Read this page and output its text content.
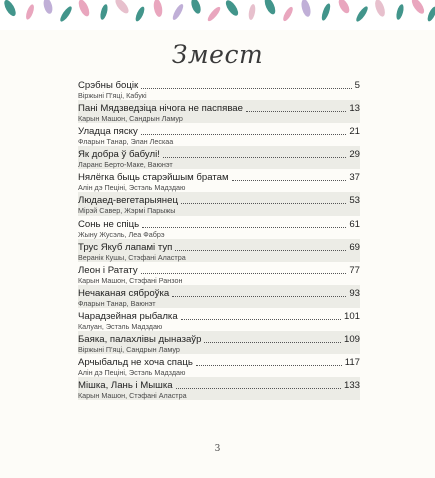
Змест
Срэбны боцік	5
Віржыні П'яці, Кабукі
Пані Мядзведзіца нічога не паспявае	13
Карын Машон, Сандрын Ламур
Уладца пяску	21
Фларын Танар, Элан Лескаа
Як добра ў бабулі!	29
Ларанс Берто-Маке, Ваюнэт
Нялёгка быць старэйшым братам	37
Алін дэ Пеціні, Эстэль Мадздаю
Людаед-вегетарыянец	53
Мірэй Савер, Жэрмі Парыжы
Сонь не спіць	61
Жыну Жусэль, Леа Фабрэ
Трус Якуб лапамі туп	69
Веранік Кушы, Стэфані Аластра
Леон і Ратату	77
Карын Машон, Стэфані Ранзон
Нечаканая сяброўка	93
Фларын Танар, Ваюнэт
Чарадзейная рыбалка	101
Калуан, Эстэль Мадздаю
Баяка, палахлівы дыназаўр	109
Віржыні П'яці, Сандрын Ламур
Арчыбальд не хоча спаць	117
Алін дэ Пеціні, Эстэль Мадздаю
Мішка, Лань і Мышка	133
Карын Машон, Стэфані Аластра
3
